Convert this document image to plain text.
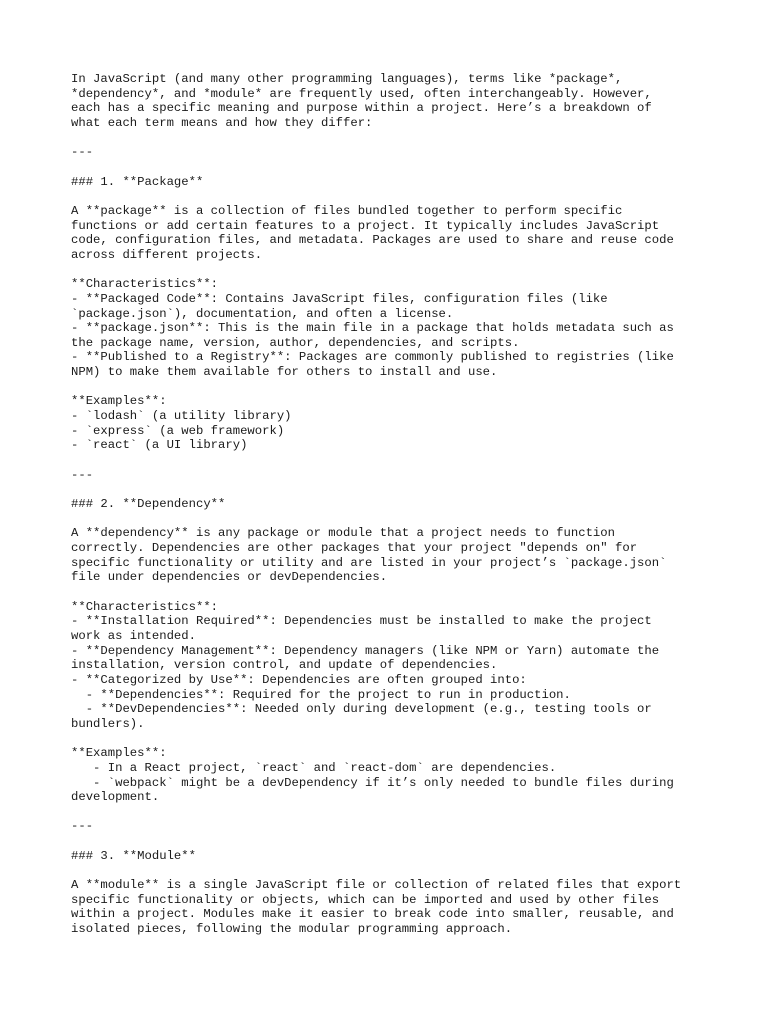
In JavaScript (and many other programming languages), terms like *package*,
*dependency*, and *module* are frequently used, often interchangeably. However,
each has a specific meaning and purpose within a project. Here’s a breakdown of
what each term means and how they differ:
---
### 1. **Package**
A **package** is a collection of files bundled together to perform specific
functions or add certain features to a project. It typically includes JavaScript
code, configuration files, and metadata. Packages are used to share and reuse code
across different projects.
**Characteristics**:
- **Packaged Code**: Contains JavaScript files, configuration files (like
`package.json`), documentation, and often a license.
- **package.json**: This is the main file in a package that holds metadata such as
the package name, version, author, dependencies, and scripts.
- **Published to a Registry**: Packages are commonly published to registries (like
NPM) to make them available for others to install and use.
**Examples**:
- `lodash` (a utility library)
- `express` (a web framework)
- `react` (a UI library)
---
### 2. **Dependency**
A **dependency** is any package or module that a project needs to function
correctly. Dependencies are other packages that your project "depends on" for
specific functionality or utility and are listed in your project’s `package.json`
file under dependencies or devDependencies.
**Characteristics**:
- **Installation Required**: Dependencies must be installed to make the project
work as intended.
- **Dependency Management**: Dependency managers (like NPM or Yarn) automate the
installation, version control, and update of dependencies.
- **Categorized by Use**: Dependencies are often grouped into:
- **Dependencies**: Required for the project to run in production.
- **DevDependencies**: Needed only during development (e.g., testing tools or
bundlers).
**Examples**:
- In a React project, `react` and `react-dom` are dependencies.
- `webpack` might be a devDependency if it’s only needed to bundle files during
development.
---
### 3. **Module**
A **module** is a single JavaScript file or collection of related files that export
specific functionality or objects, which can be imported and used by other files
within a project. Modules make it easier to break code into smaller, reusable, and
isolated pieces, following the modular programming approach.
